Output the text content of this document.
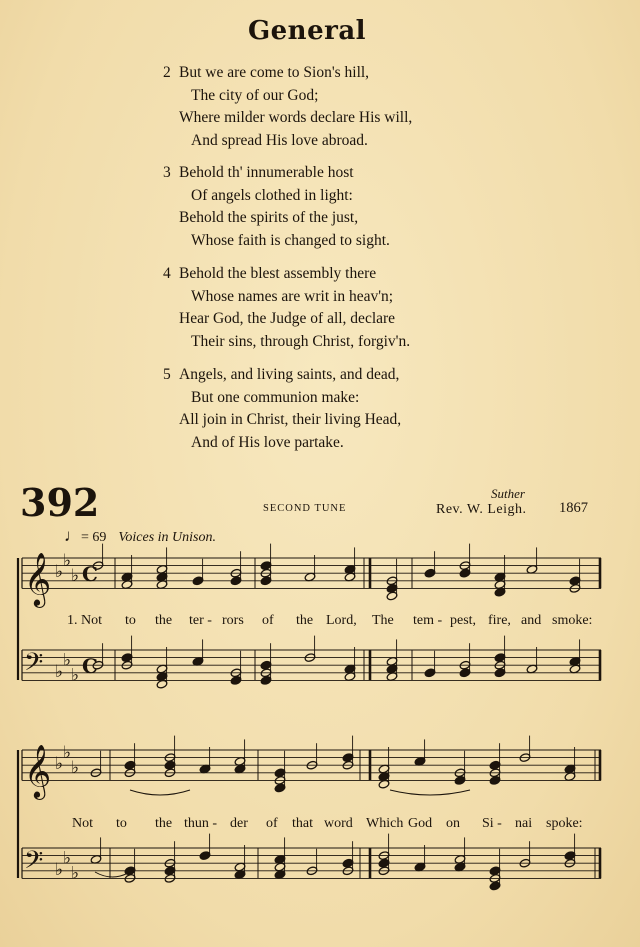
General
2 But we are come to Sion's hill,
The city of our God;
Where milder words declare His will,
And spread His love abroad.
3 Behold th' innumerable host
Of angels clothed in light:
Behold the spirits of the just,
Whose faith is changed to sight.
4 Behold the blest assembly there
Whose names are writ in heav'n;
Hear God, the Judge of all, declare
Their sins, through Christ, forgiv'n.
5 Angels, and living saints, and dead,
But one communion make:
All join in Christ, their living Head,
And of His love partake.
392	SECOND TUNE
Suther
Rev. W. Leigh. 1867
♩= 69 Voices in Unison.
𝄞 ♭
♭
♭ C
𝄢 ♭
♭
♭ C
𝄞 ♭
♭
♭
𝄢 ♭
♭
♭
1. Not to the ter - rors of the Lord, The tem - pest, fire, and smoke:
Not to the thun - der of that word Which God on Si - nai spoke:
